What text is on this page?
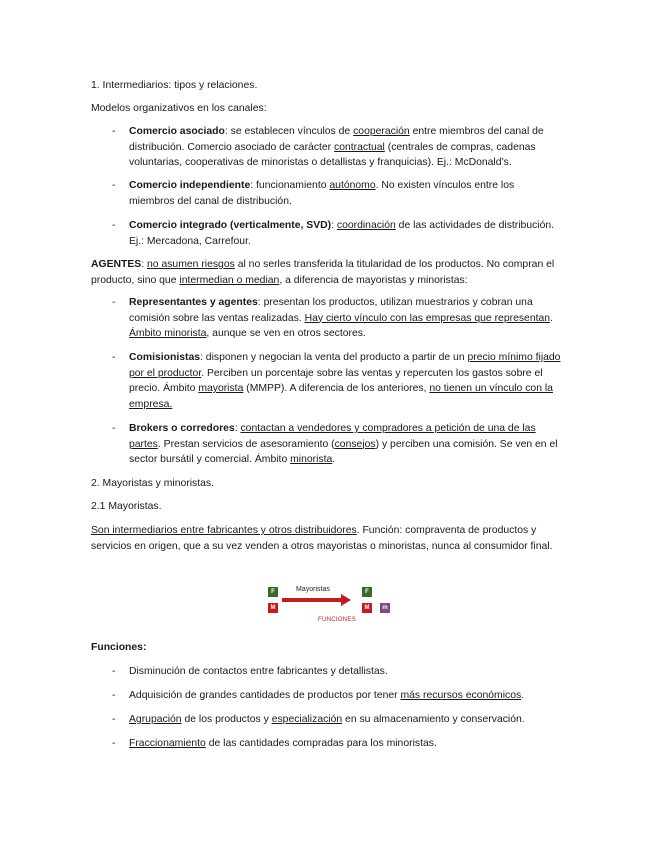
1. Intermediarios: tipos y relaciones.

Modelos organizativos en los canales:

-	Comercio asociado: se establecen vínculos de cooperación entre miembros del canal de distribución. Comercio asociado de carácter contractual (centrales de compras, cadenas voluntarias, cooperativas de minoristas o detallistas y franquicias). Ej.: McDonald’s.
-	Comercio independiente: funcionamiento autónomo. No existen vínculos entre los miembros del canal de distribución.
-	Comercio integrado (verticalmente, SVD): coordinación de las actividades de distribución. Ej.: Mercadona, Carrefour.

AGENTES: no asumen riesgos al no serles transferida la titularidad de los productos. No compran el producto, sino que intermedian o median, a diferencia de mayoristas y minoristas:

-	Representantes y agentes: presentan los productos, utilizan muestrarios y cobran una comisión sobre las ventas realizadas. Hay cierto vínculo con las empresas que representan. Ámbito minorista, aunque se ven en otros sectores.
-	Comisionistas: disponen y negocian la venta del producto a partir de un precio mínimo fijado por el productor. Perciben un porcentaje sobre las ventas y repercuten los gastos sobre el precio. Ámbito mayorista (MMPP). A diferencia de los anteriores, no tienen un vínculo con la empresa.
-	Brokers o corredores: contactan a vendedores y compradores a petición de una de las partes. Prestan servicios de asesoramiento (consejos) y perciben una comisión. Se ven en el sector bursátil y comercial. Ámbito minorista.

2. Mayoristas y minoristas.

2.1 Mayoristas.

Son intermediarios entre fabricantes y otros distribuidores. Función: compraventa de productos y servicios en origen, que a su vez venden a otros mayoristas o minoristas, nunca al consumidor final.

F
M
Mayoristas	F
M	m
FUNCIONES

Funciones:

-	Disminución de contactos entre fabricantes y detallistas.
-	Adquisición de grandes cantidades de productos por tener más recursos económicos.
-	Agrupación de los productos y especialización en su almacenamiento y conservación.
-	Fraccionamiento de las cantidades compradas para los minoristas.
